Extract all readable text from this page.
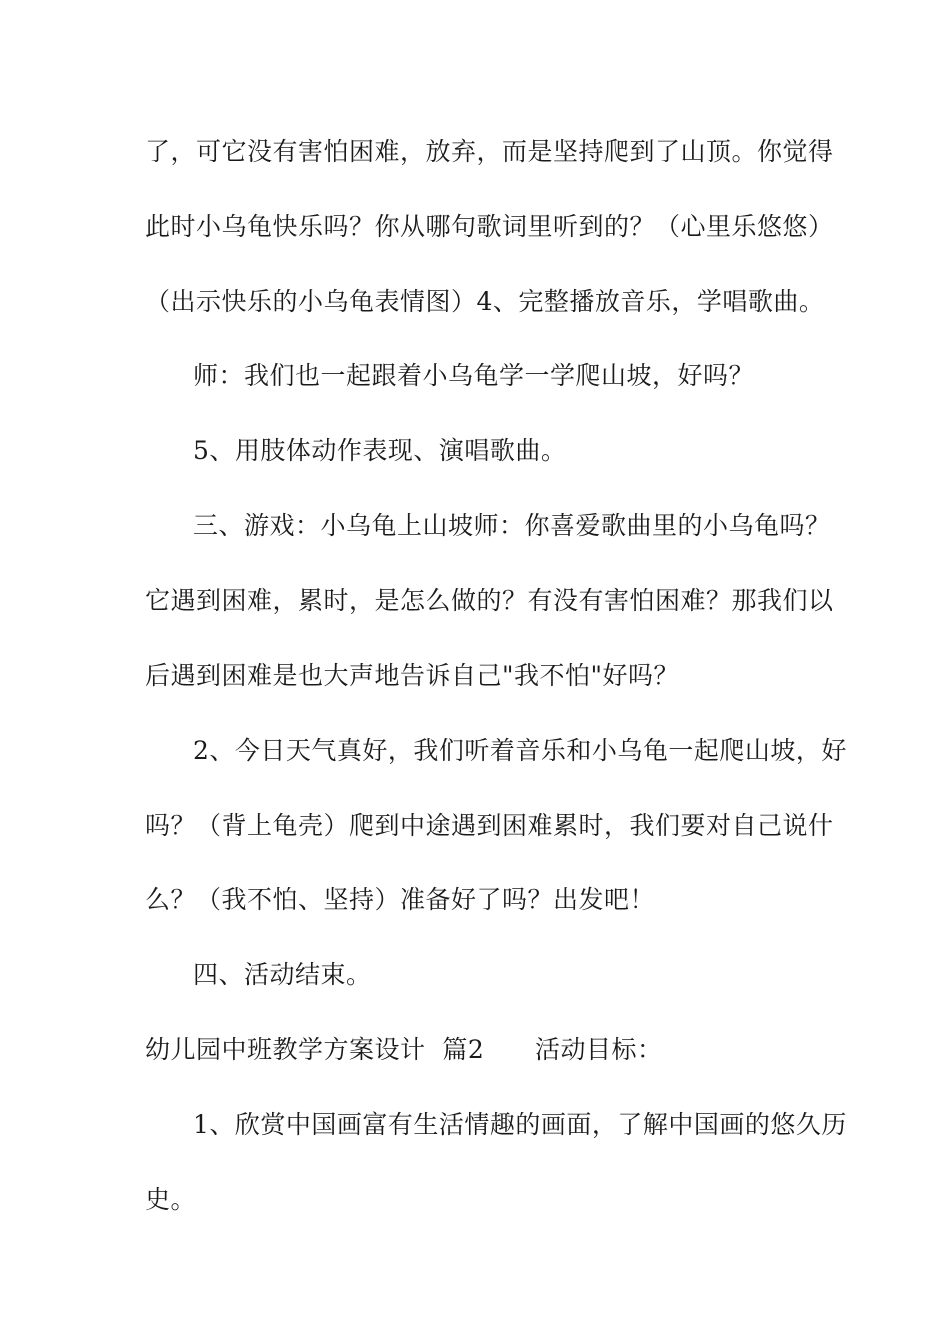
了，可它没有害怕困难，放弃，而是坚持爬到了山顶。你觉得
此时小乌龟快乐吗？你从哪句歌词里听到的？（心里乐悠悠）
（出示快乐的小乌龟表情图）4、完整播放音乐，学唱歌曲。
师：我们也一起跟着小乌龟学一学爬山坡，好吗？
5、用肢体动作表现、演唱歌曲。
三、游戏：小乌龟上山坡师：你喜爱歌曲里的小乌龟吗？
它遇到困难，累时，是怎么做的？有没有害怕困难？那我们以
后遇到困难是也大声地告诉自己"我不怕"好吗？
2、今日天气真好，我们听着音乐和小乌龟一起爬山坡，好
吗？（背上龟壳）爬到中途遇到困难累时，我们要对自己说什
么？（我不怕、坚持）准备好了吗？出发吧！
四、活动结束。
幼儿园中班教学方案设计  篇2      活动目标：
1、欣赏中国画富有生活情趣的画面，了解中国画的悠久历
史。
